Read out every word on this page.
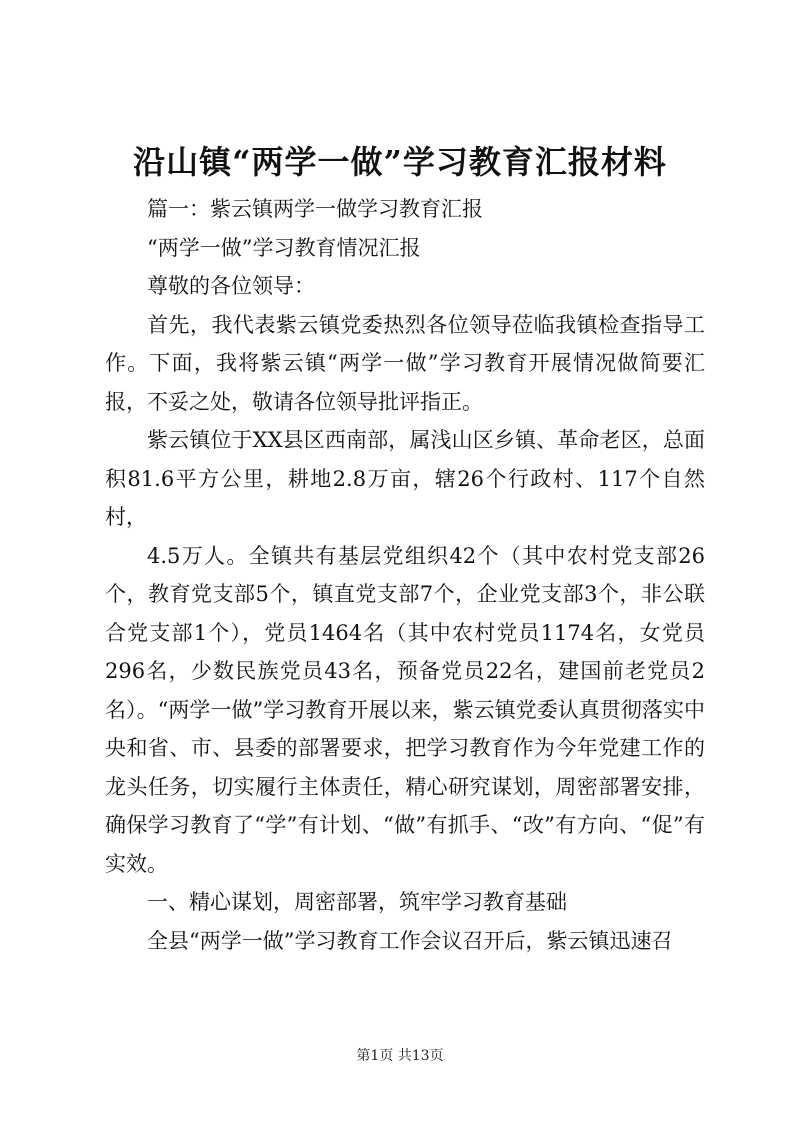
沿山镇“两学一做”学习教育汇报材料

篇一：紫云镇两学一做学习教育汇报

“两学一做”学习教育情况汇报

尊敬的各位领导：

首先，我代表紫云镇党委热烈各位领导莅临我镇检查指导工作。下面，我将紫云镇“两学一做”学习教育开展情况做简要汇报，不妥之处，敬请各位领导批评指正。

紫云镇位于XX县区西南部，属浅山区乡镇、革命老区，总面积81.6平方公里，耕地2.8万亩，辖26个行政村、117个自然村，

4.5万人。全镇共有基层党组织42个（其中农村党支部26个，教育党支部5个，镇直党支部7个，企业党支部3个，非公联合党支部1个），党员1464名（其中农村党员1174名，女党员296名，少数民族党员43名，预备党员22名，建国前老党员2名）。“两学一做”学习教育开展以来，紫云镇党委认真贯彻落实中央和省、市、县委的部署要求，把学习教育作为今年党建工作的龙头任务，切实履行主体责任，精心研究谋划，周密部署安排，确保学习教育了“学”有计划、“做”有抓手、“改”有方向、“促”有实效。

一、精心谋划，周密部署，筑牢学习教育基础

全县“两学一做”学习教育工作会议召开后，紫云镇迅速召

第1页 共13页
